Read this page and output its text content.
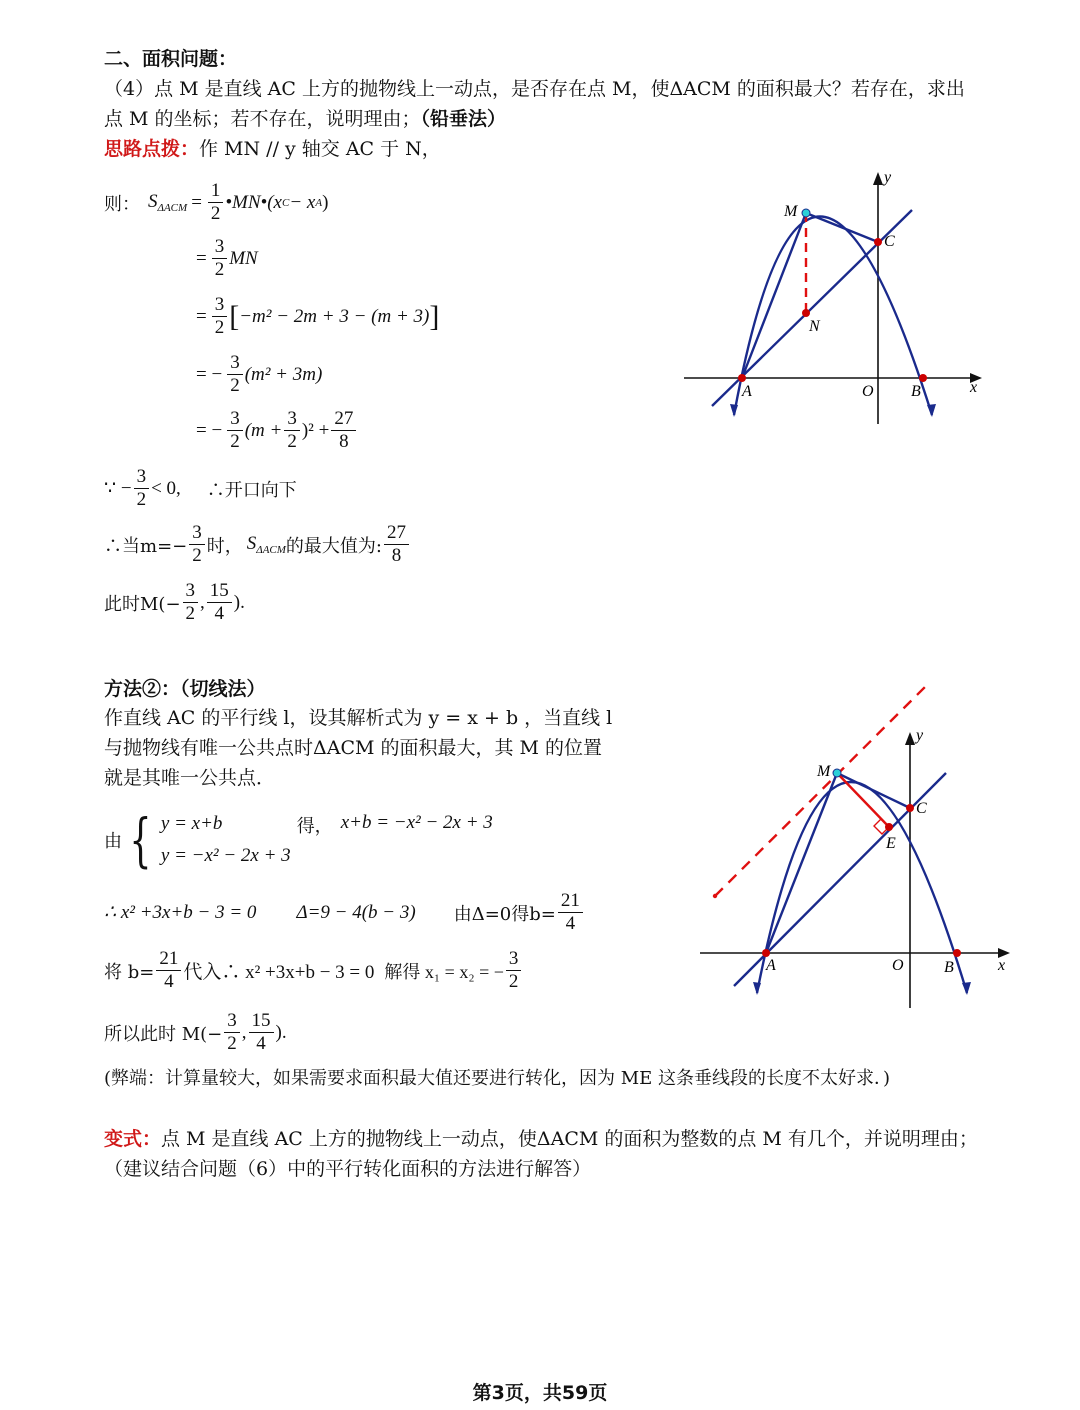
二、面积问题：
（4）点 M 是直线 AC 上方的抛物线上一动点，是否存在点 M，使ΔACM 的面积最大？若存在，求出
点 M 的坐标；若不存在，说明理由；（铅垂法）
思路点拨：作 MN // y 轴交 AC 于 N，
则： $S_{\Delta ACM} = \frac{1}{2}$ •MN•(x C − x A )
= $\frac{3}{2}$ MN
= $\frac{3}{2}$ [ −m² − 2m + 3 − (m + 3) ]
= − $\frac{3}{2} (m^2 + 3m)$
= − $\frac{3}{2} (m + \frac{3}{2} )^2 + \frac{27}{8}$
∵ − $\frac{3}{2} < 0$, ∴开口向下
∴当$m=- \frac{3}{2}$ 时， $S_{\Delta ACM}$ 的最大值为: $\frac{27}{8}$
此时$M(- \frac{3}{2}$ , $\frac{15}{4}$ ).
y
x
M
C
N
A	O B
方法②：（切线法）
作直线 AC 的平行线 l，设其解析式为 y = x + b ，当直线 l
与抛物线有唯一公共点时ΔACM 的面积最大，其 M 的位置
就是其唯一公共点．
由 { y = x+b
y = −x² − 2x + 3
得， x+b = −x² − 2x + 3
∴ x² +3x+b − 3 = 0 Δ=9 − 4(b − 3) 由Δ=0得$b= \frac{21}{4}$
将 $b= \frac{21}{4}$ 代入∴ x² +3x+b − 3 = 0 解得 x₁ = x₂ = − $\frac{3}{2}$
所以此时 $M(- \frac{3}{2}$ , $\frac{15}{4}$ ).
(弊端：计算量较大，如果需要求面积最大值还要进行转化，因为 ME 这条垂线段的长度不太好求．)
y
x
M
C
E
A	O	B
变式：点 M 是直线 AC 上方的抛物线上一动点，使ΔACM 的面积为整数的点 M 有几个，并说明理由；
（建议结合问题（6）中的平行转化面积的方法进行解答）
第3页，共59页
